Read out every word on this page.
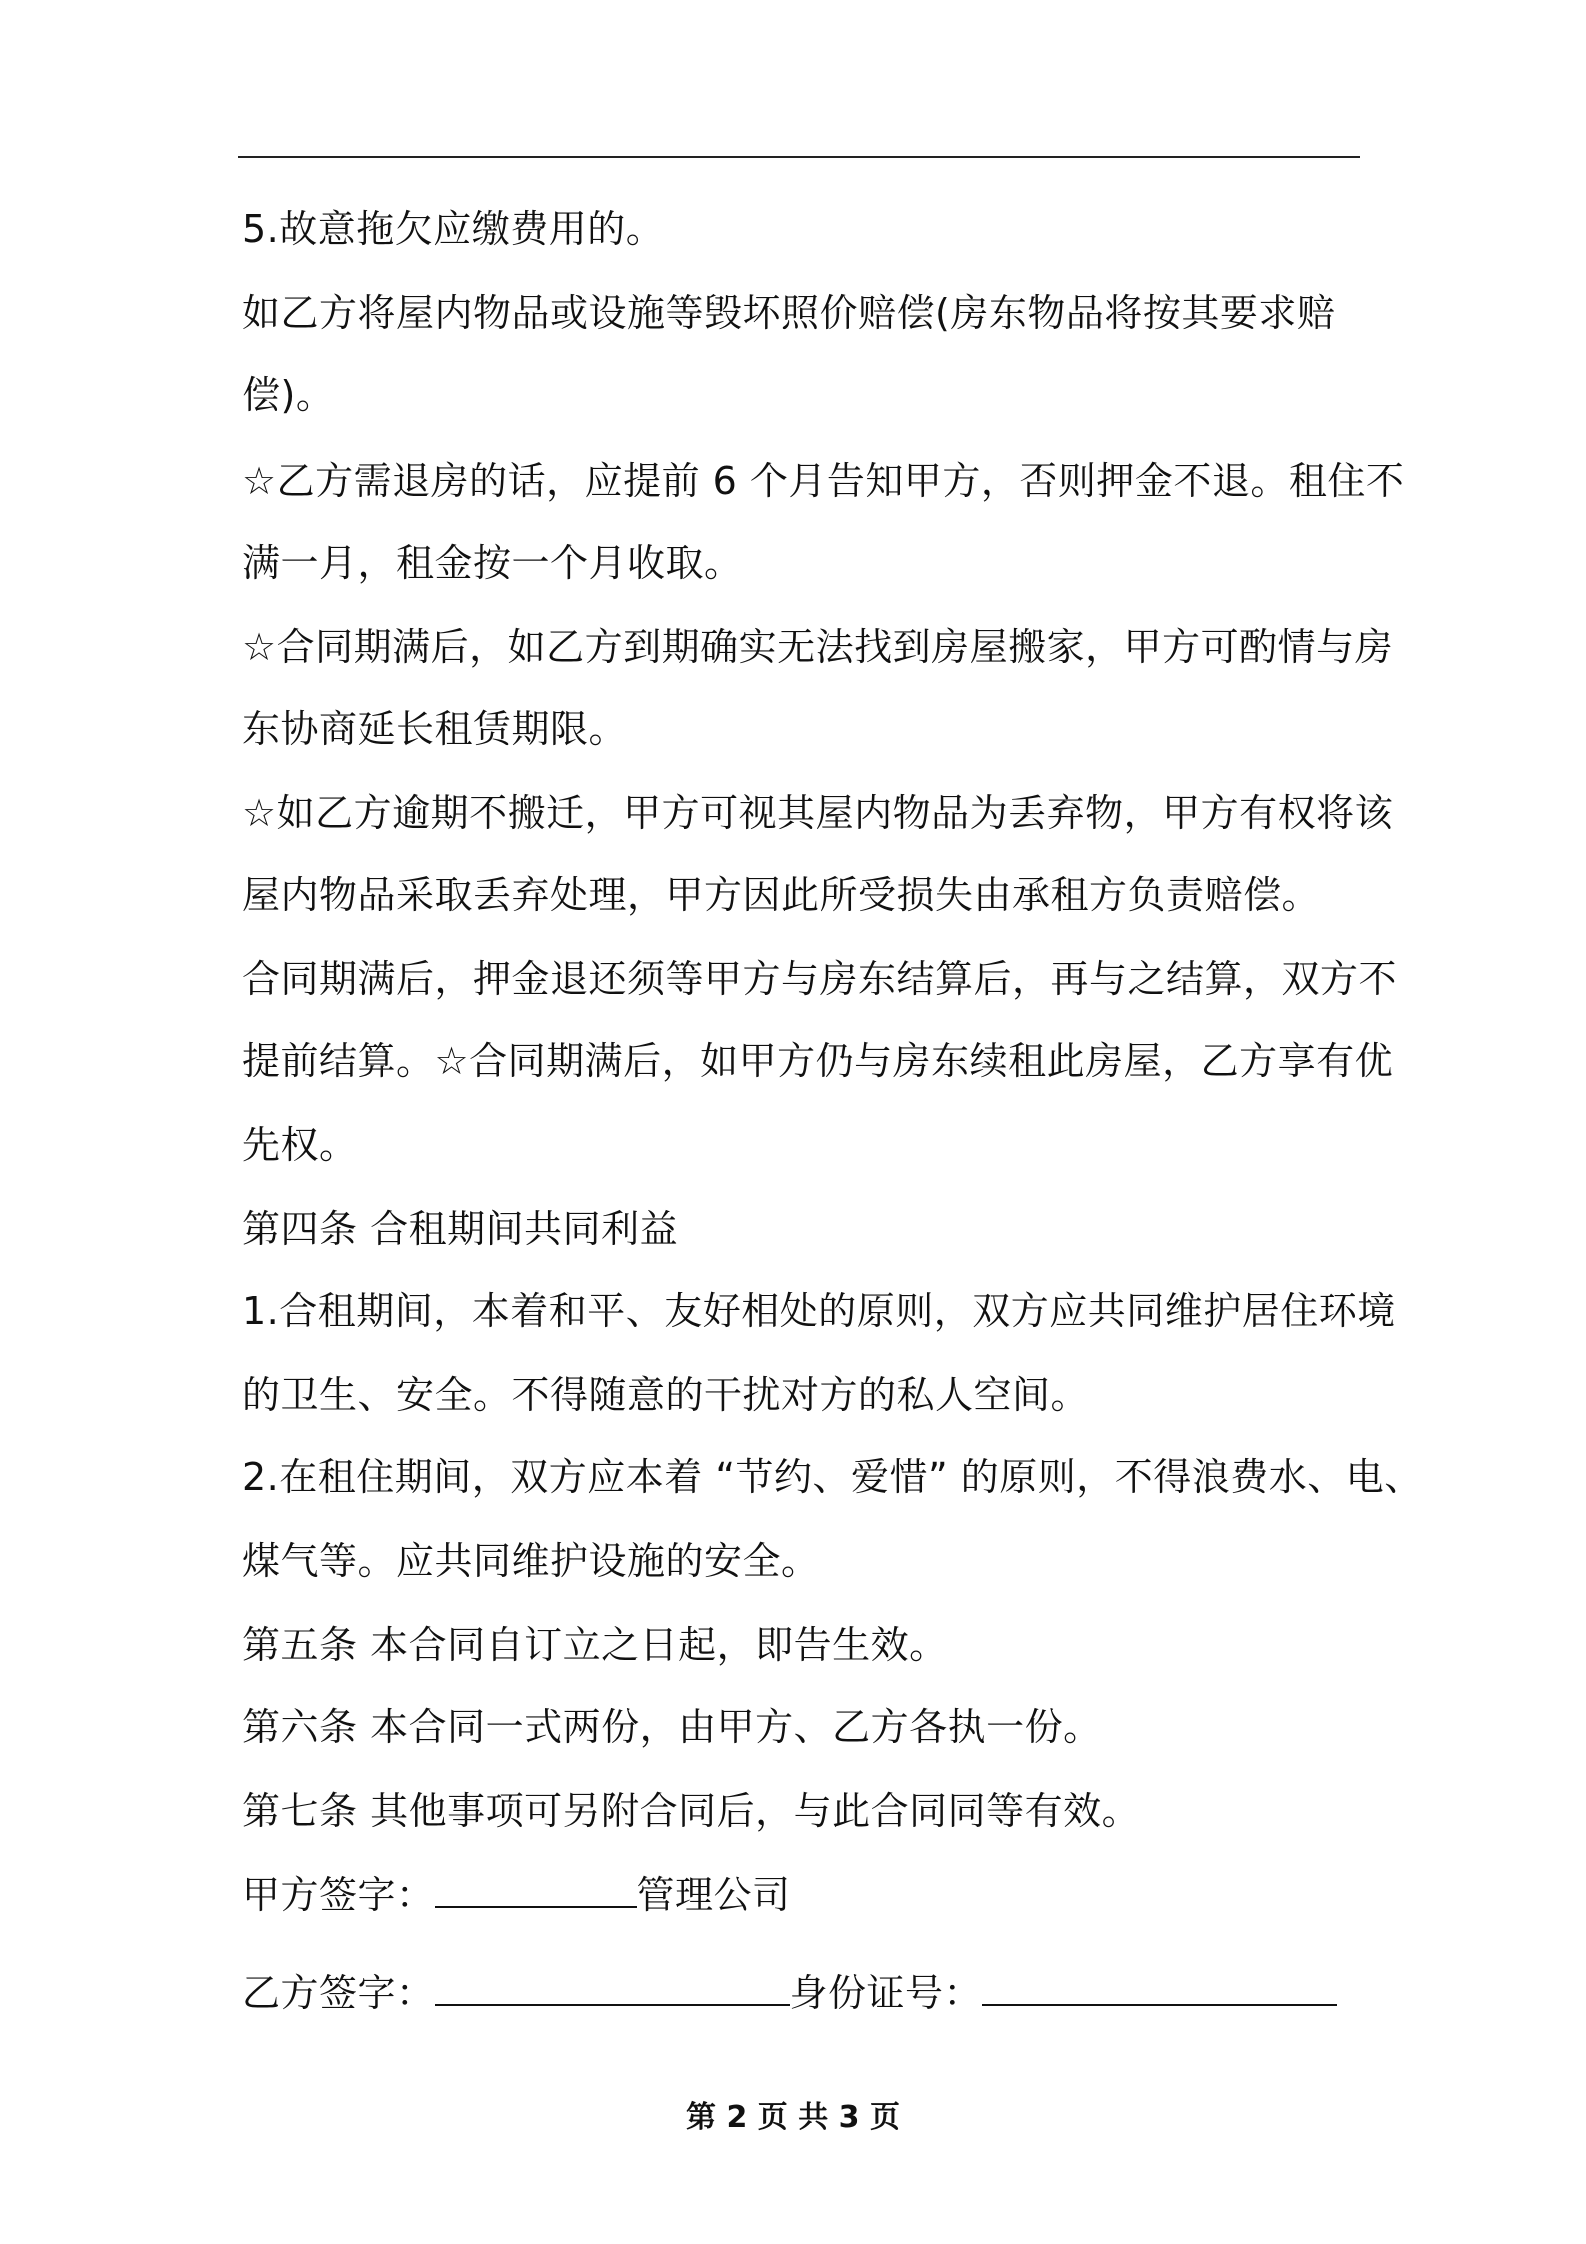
5.故意拖欠应缴费用的。
如乙方将屋内物品或设施等毁坏照价赔偿(房东物品将按其要求赔
偿)。
☆乙方需退房的话，应提前 6 个月告知甲方，否则押金不退。租住不
满一月，租金按一个月收取。
☆合同期满后，如乙方到期确实无法找到房屋搬家，甲方可酌情与房
东协商延长租赁期限。
☆如乙方逾期不搬迁，甲方可视其屋内物品为丢弃物，甲方有权将该
屋内物品采取丢弃处理，甲方因此所受损失由承租方负责赔偿。
合同期满后，押金退还须等甲方与房东结算后，再与之结算，双方不
提前结算。☆合同期满后，如甲方仍与房东续租此房屋，乙方享有优
先权。
第四条 合租期间共同利益
1.合租期间，本着和平、友好相处的原则，双方应共同维护居住环境
的卫生、安全。不得随意的干扰对方的私人空间。
2.在租住期间，双方应本着 “节约、爱惜” 的原则，不得浪费水、电、
煤气等。应共同维护设施的安全。
第五条 本合同自订立之日起，即告生效。
第六条 本合同一式两份，由甲方、乙方各执一份。
第七条 其他事项可另附合同后，与此合同同等有效。
甲方签字：	管理公司
乙方签字：	身份证号：
第 2 页 共 3 页
